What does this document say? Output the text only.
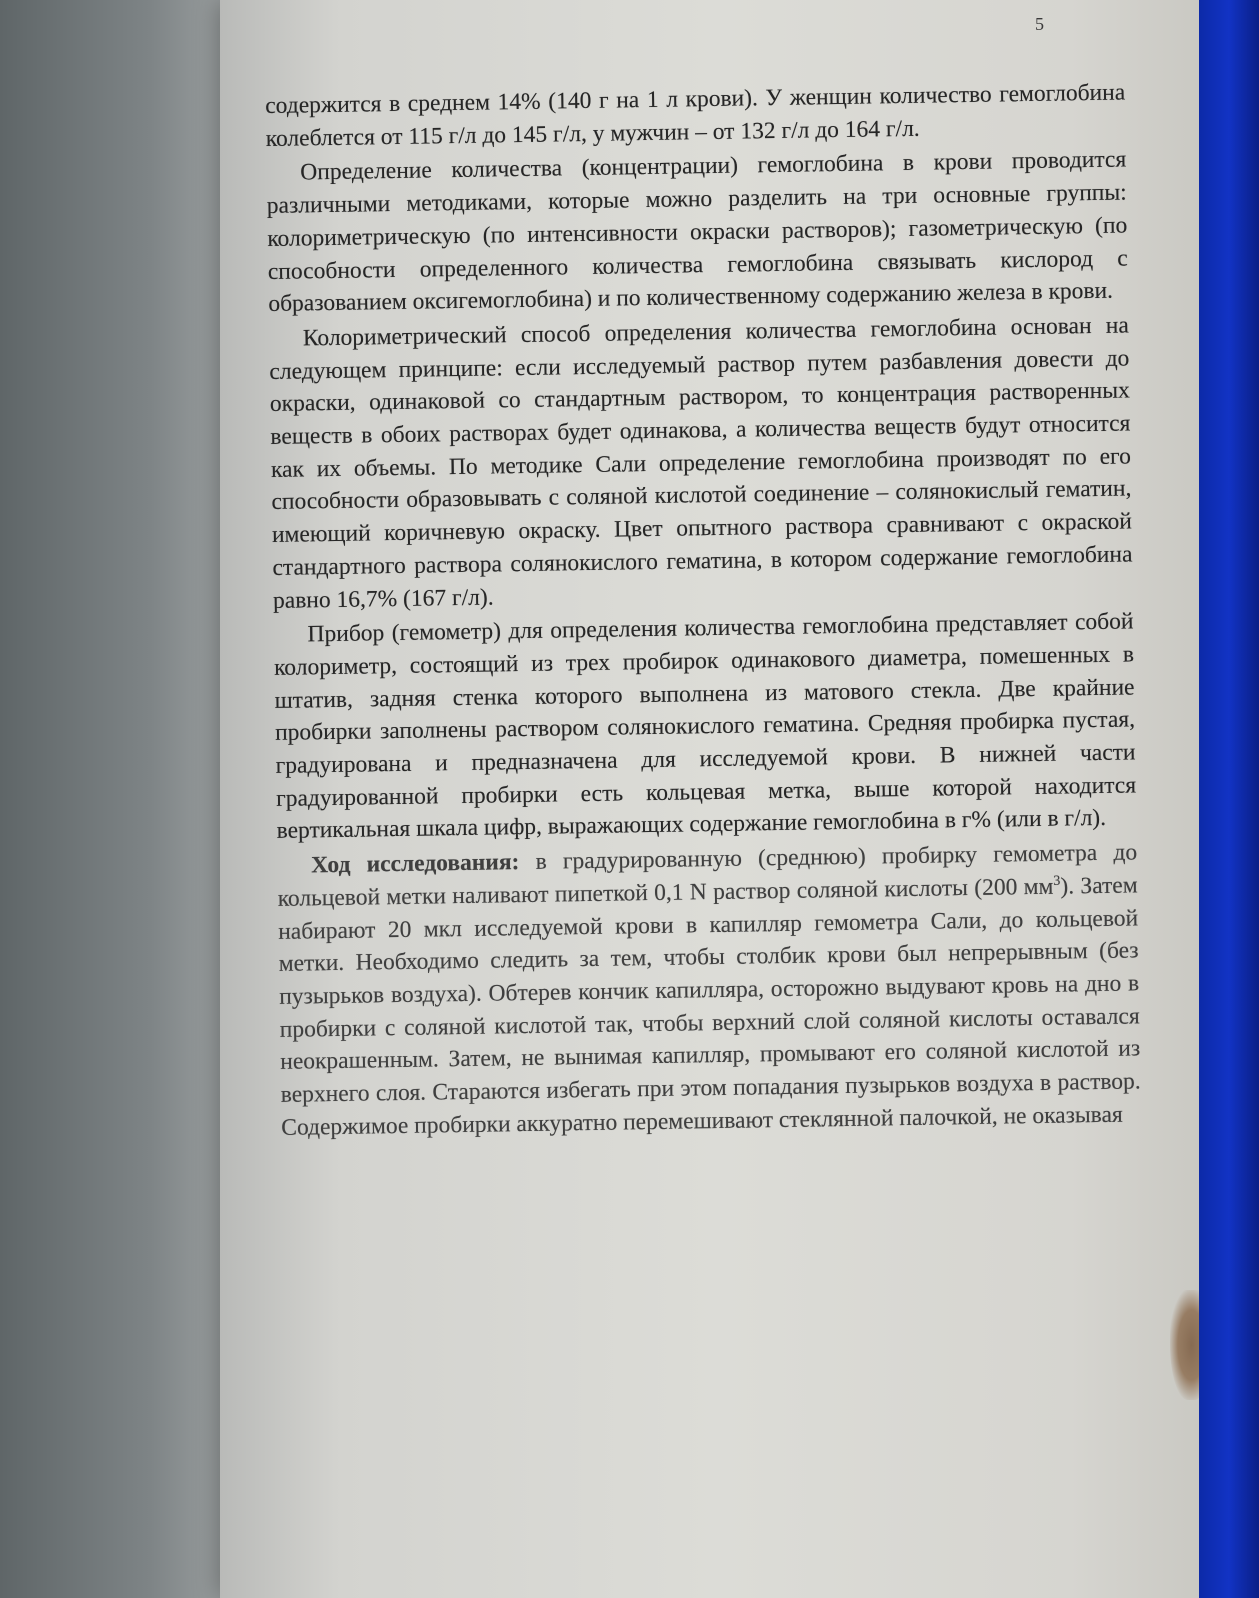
5

содержится в среднем 14% (140 г на 1 л крови). У женщин количество гемоглобина колеблется от 115 г/л до 145 г/л, у мужчин – от 132 г/л до 164 г/л.

Определение количества (концентрации) гемоглобина в крови проводится различными методиками, которые можно разделить на три основные группы: колориметрическую (по интенсивности окраски растворов); газометрическую (по способности определенного количества гемоглобина связывать кислород с образованием оксигемоглобина) и по количественному содержанию железа в крови.

Колориметрический способ определения количества гемоглобина основан на следующем принципе: если исследуемый раствор путем разбавления довести до окраски, одинаковой со стандартным раствором, то концентрация растворенных веществ в обоих растворах будет одинакова, а количества веществ будут относится как их объемы. По методике Сали определение гемоглобина производят по его способности образовывать с соляной кислотой соединение – солянокислый гематин, имеющий коричневую окраску. Цвет опытного раствора сравнивают с окраской стандартного раствора солянокислого гематина, в котором содержание гемоглобина равно 16,7% (167 г/л).

Прибор (гемометр) для определения количества гемоглобина представляет собой колориметр, состоящий из трех пробирок одинакового диаметра, помешенных в штатив, задняя стенка которого выполнена из матового стекла. Две крайние пробирки заполнены раствором солянокислого гематина. Средняя пробирка пустая, градуирована и предназначена для исследуемой крови. В нижней части градуированной пробирки есть кольцевая метка, выше которой находится вертикальная шкала цифр, выражающих содержание гемоглобина в г% (или в г/л).

Ход исследования: в градурированную (среднюю) пробирку гемометра до кольцевой метки наливают пипеткой 0,1 N раствор соляной кислоты (200 $мм^3$). Затем набирают 20 мкл исследуемой крови в капилляр гемометра Сали, до кольцевой метки. Необходимо следить за тем, чтобы столбик крови был непрерывным (без пузырьков воздуха). Обтерев кончик капилляра, осторожно выдувают кровь на дно в пробирки с соляной кислотой так, чтобы верхний слой соляной кислоты оставался неокрашенным. Затем, не вынимая капилляр, промывают его соляной кислотой из верхнего слоя. Стараются избегать при этом попадания пузырьков воздуха в раствор. Содержимое пробирки аккуратно перемешивают стеклянной палочкой, не оказывая
